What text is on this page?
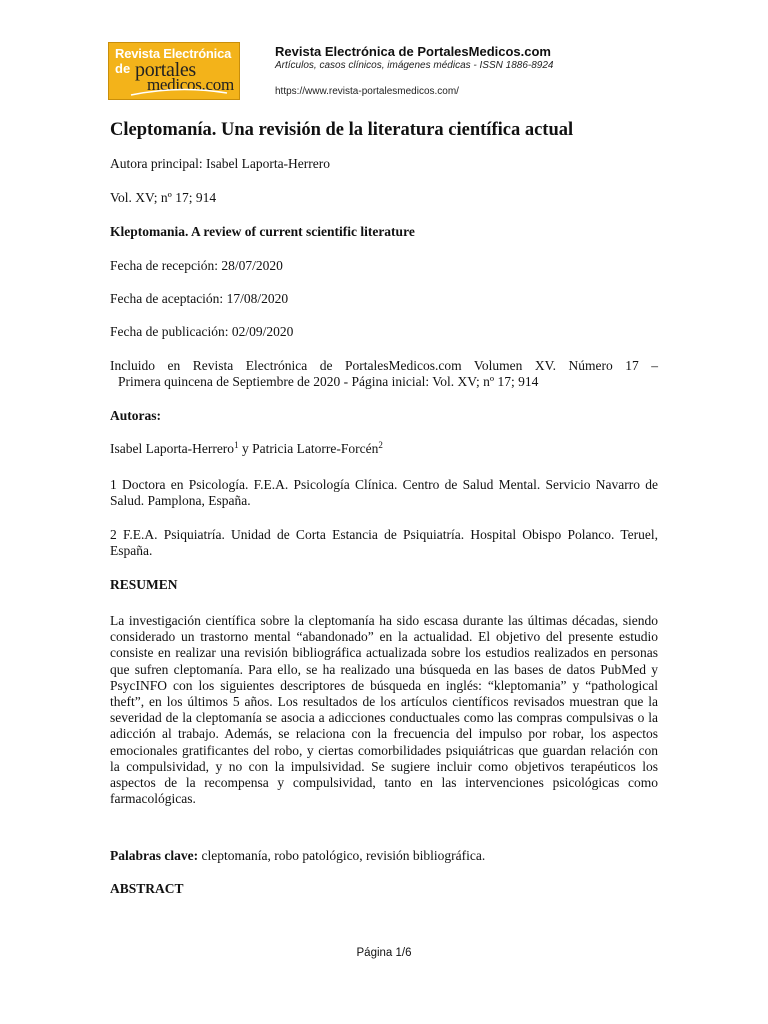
Revista Electrónica
de portales
medicos.com
Revista Electrónica de PortalesMedicos.com
Artículos, casos clínicos, imágenes médicas - ISSN 1886-8924
https://www.revista-portalesmedicos.com/
Cleptomanía. Una revisión de la literatura científica actual

Autora principal: Isabel Laporta-Herrero

Vol. XV; nº 17; 914

Kleptomania. A review of current scientific literature

Fecha de recepción: 28/07/2020

Fecha de aceptación: 17/08/2020

Fecha de publicación: 02/09/2020

Incluido en Revista Electrónica de PortalesMedicos.com Volumen XV. Número 17 –
Primera quincena de Septiembre de 2020 - Página inicial: Vol. XV; nº 17; 914

Autoras:

Isabel Laporta-Herrero$^1$ y Patricia Latorre-Forcén$^2$

1 Doctora en Psicología. F.E.A. Psicología Clínica. Centro de Salud Mental. Servicio Navarro de Salud. Pamplona, España.

2 F.E.A. Psiquiatría. Unidad de Corta Estancia de Psiquiatría. Hospital Obispo Polanco. Teruel, España.

RESUMEN

La investigación científica sobre la cleptomanía ha sido escasa durante las últimas décadas, siendo considerado un trastorno mental “abandonado” en la actualidad. El objetivo del presente estudio consiste en realizar una revisión bibliográfica actualizada sobre los estudios realizados en personas que sufren cleptomanía. Para ello, se ha realizado una búsqueda en las bases de datos PubMed y PsycINFO con los siguientes descriptores de búsqueda en inglés: “kleptomania” y “pathological theft”, en los últimos 5 años. Los resultados de los artículos científicos revisados muestran que la severidad de la cleptomanía se asocia a adicciones conductuales como las compras compulsivas o la adicción al trabajo. Además, se relaciona con la frecuencia del impulso por robar, los aspectos emocionales gratificantes del robo, y ciertas comorbilidades psiquiátricas que guardan relación con la compulsividad, y no con la impulsividad. Se sugiere incluir como objetivos terapéuticos los aspectos de la recompensa y compulsividad, tanto en las intervenciones psicológicas como farmacológicas.

Palabras clave: cleptomanía, robo patológico, revisión bibliográfica.

ABSTRACT

Página 1/6
